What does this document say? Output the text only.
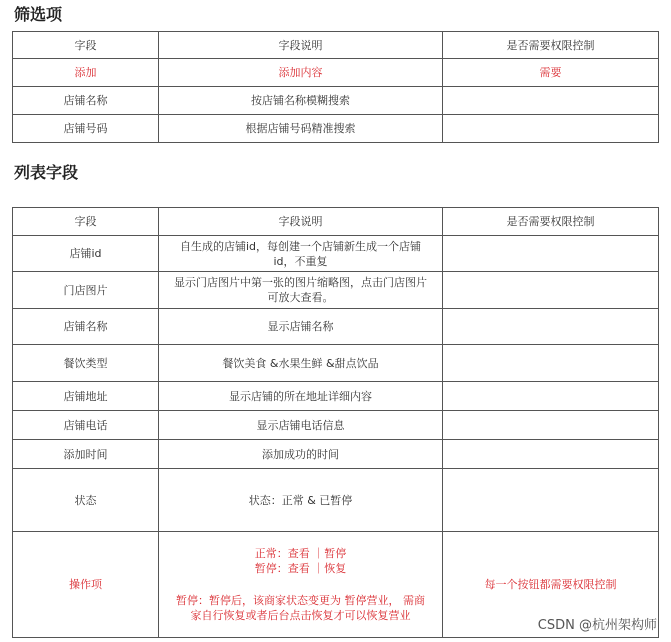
筛选项
字段	字段说明	是否需要权限控制
添加	添加内容	需要
店铺名称	按店铺名称模糊搜索	
店铺号码	根据店铺号码精准搜索	
列表字段
字段	字段说明	是否需要权限控制
店铺id	自生成的店铺id，每创建一个店铺新生成一个店铺
id，不重复	

门店图片	显示门店图片中第一张的图片缩略图，点击门店图片
可放大查看。	

店铺名称	显示店铺名称	
餐饮类型	餐饮美食 &水果生鲜 &甜点饮品	
店铺地址	显示店铺的所在地址详细内容	
店铺电话	显示店铺电话信息	
添加时间	添加成功的时间	
状态	状态：正常 & 已暂停	
操作项	正常：查看 ｜暂停
暂停：查看 ｜恢复
暂停：暂停后，该商家状态变更为 暂停营业， 需商
家自行恢复或者后台点击恢复才可以恢复营业	每一个按钮都需要权限控制
CSDN @杭州架构师
